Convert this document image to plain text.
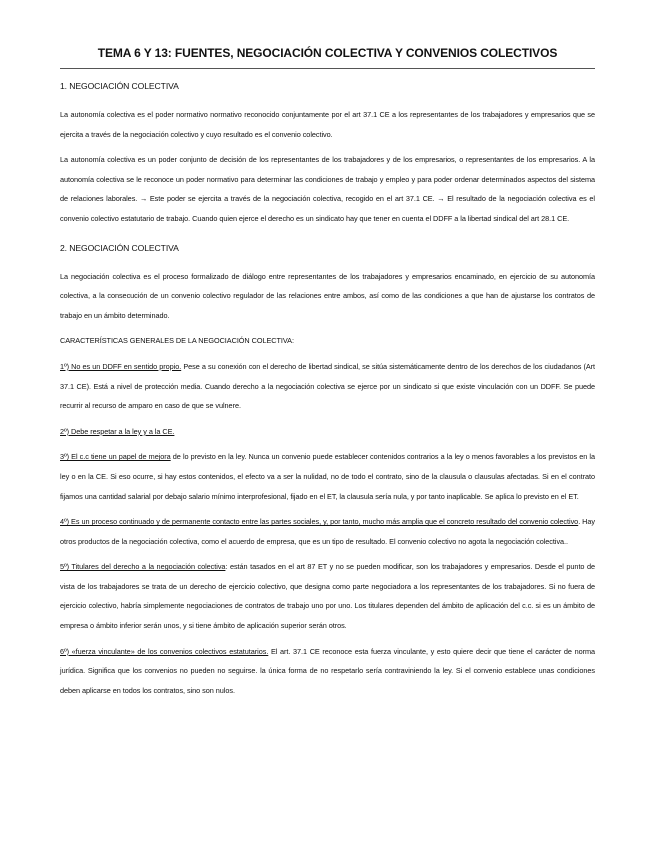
TEMA 6 Y 13: FUENTES, NEGOCIACIÓN COLECTIVA Y CONVENIOS COLECTIVOS
1. NEGOCIACIÓN COLECTIVA
La autonomía colectiva es el poder normativo normativo reconocido conjuntamente por el art 37.1 CE a los representantes de los trabajadores y empresarios que se ejercita a través de la negociación colectivo y cuyo resultado es el convenio colectivo.
La autonomía colectiva es un poder conjunto de decisión de los representantes de los trabajadores y de los empresarios, o representantes de los empresarios. A la autonomía colectiva se le reconoce un poder normativo para determinar las condiciones de trabajo y empleo y para poder ordenar determinados aspectos del sistema de relaciones laborales. → Este poder se ejercita a través de la negociación colectiva, recogido en el art 37.1 CE. → El resultado de la negociación colectiva es el convenio colectivo estatutario de trabajo. Cuando quien ejerce el derecho es un sindicato hay que tener en cuenta el DDFF a la libertad sindical del art 28.1 CE.
2. NEGOCIACIÓN COLECTIVA
La negociación colectiva es el proceso formalizado de diálogo entre representantes de los trabajadores y empresarios encaminado, en ejercicio de su autonomía colectiva, a la consecución de un convenio colectivo regulador de las relaciones entre ambos, así como de las condiciones a que han de ajustarse los contratos de trabajo en un ámbito determinado.
CARACTERÍSTICAS GENERALES DE LA NEGOCIACIÓN COLECTIVA:
1º) No es un DDFF en sentido propio. Pese a su conexión con el derecho de libertad sindical, se sitúa sistemáticamente dentro de los derechos de los ciudadanos (Art 37.1 CE). Está a nivel de protección media. Cuando derecho a la negociación colectiva se ejerce por un sindicato si que existe vinculación con un DDFF. Se puede recurrir al recurso de amparo en caso de que se vulnere.
2º) Debe respetar a la ley y a la CE.
3º) El c.c tiene un papel de mejora de lo previsto en la ley. Nunca un convenio puede establecer contenidos contrarios a la ley o menos favorables a los previstos en la ley o en la CE. Si eso ocurre, si hay estos contenidos, el efecto va a ser la nulidad, no de todo el contrato, sino de la clausula o clausulas afectadas. Si en el contrato fijamos una cantidad salarial por debajo salario mínimo interprofesional, fijado en el ET, la clausula sería nula, y por tanto inaplicable. Se aplica lo previsto en el ET.
4º) Es un proceso continuado y de permanente contacto entre las partes sociales, y, por tanto, mucho más amplia que el concreto resultado del convenio colectivo. Hay otros productos de la negociación colectiva, como el acuerdo de empresa, que es un tipo de resultado. El convenio colectivo no agota la negociación colectiva..
5º) Titulares del derecho a la negociación colectiva: están tasados en el art 87 ET y no se pueden modificar, son los trabajadores y empresarios. Desde el punto de vista de los trabajadores se trata de un derecho de ejercicio colectivo, que designa como parte negociadora a los representantes de los trabajadores. Si no fuera de ejercicio colectivo, habría simplemente negociaciones de contratos de trabajo uno por uno. Los titulares dependen del ámbito de aplicación del c.c. si es un ámbito de empresa o ámbito inferior serán unos, y si tiene ámbito de aplicación superior serán otros.
6º) «fuerza vinculante» de los convenios colectivos estatutarios. El art. 37.1 CE reconoce esta fuerza vinculante, y esto quiere decir que tiene el carácter de norma jurídica. Significa que los convenios no pueden no seguirse. la única forma de no respetarlo sería contraviniendo la ley. Si el convenio establece unas condiciones deben aplicarse en todos los contratos, sino son nulos.
